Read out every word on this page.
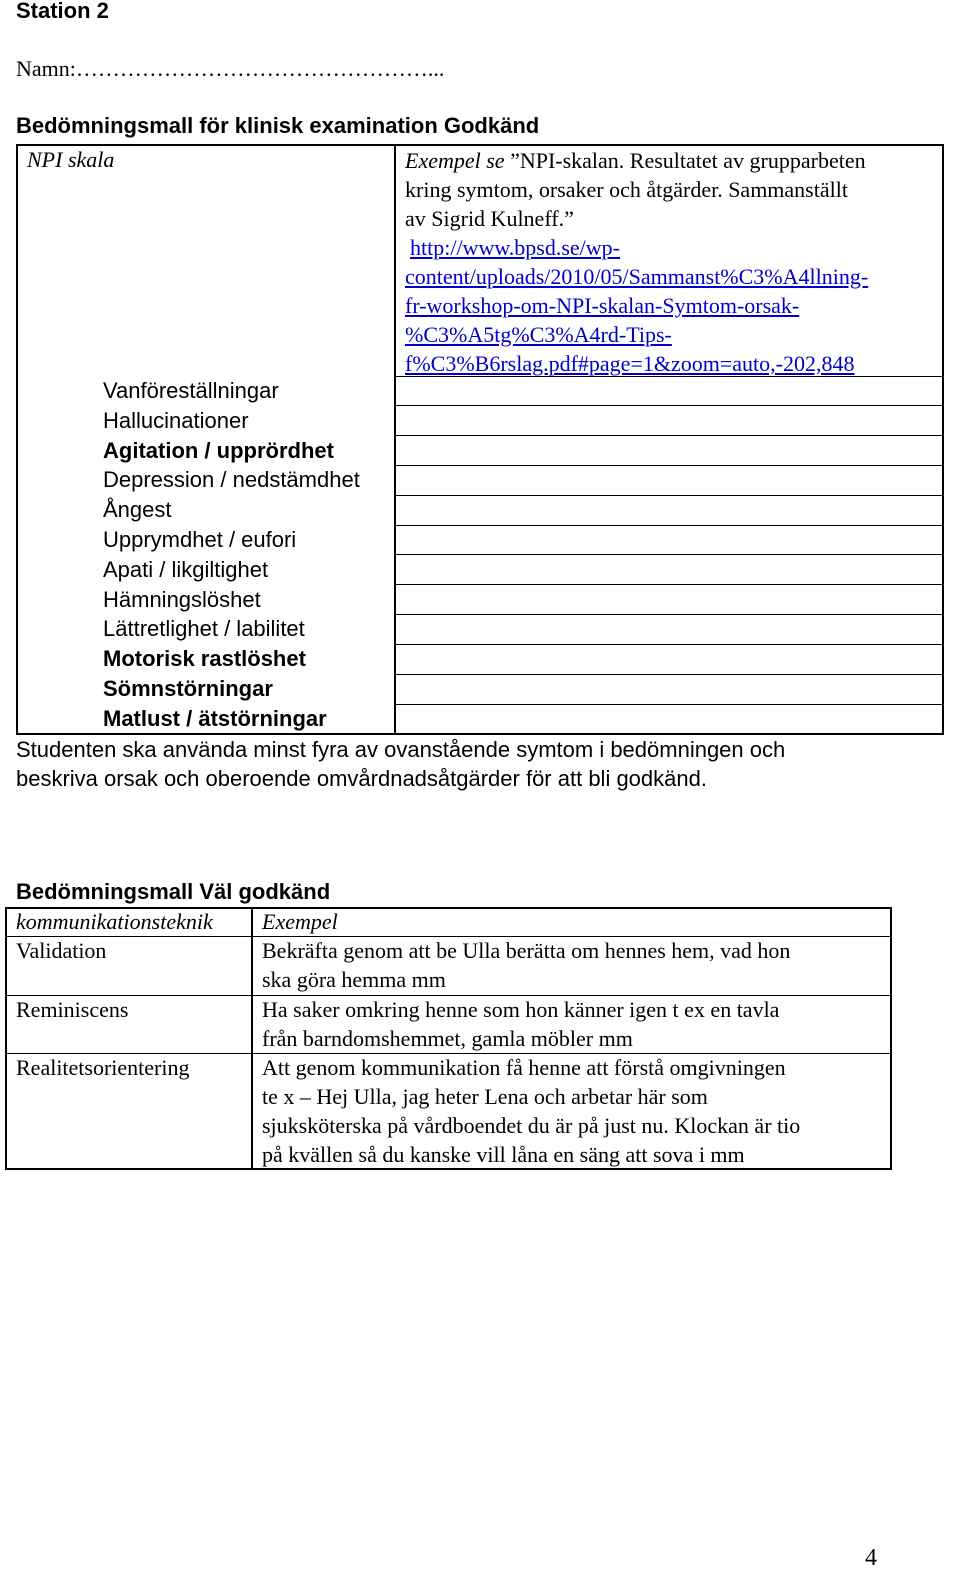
Station 2
Namn:…………………………………………...
Bedömningsmall för klinisk examination Godkänd
NPI skala	Exempel se ”NPI-skalan. Resultatet av grupparbeten
kring symtom, orsaker och åtgärder. Sammanställt
av Sigrid Kulneff.”
http://www.bpsd.se/wp-
content/uploads/2010/05/Sammanst%C3%A4llning-
fr-workshop-om-NPI-skalan-Symtom-orsak-
%C3%A5tg%C3%A4rd-Tips-
f%C3%B6rslag.pdf#page=1&zoom=auto,-202,848
Vanföreställningar
Hallucinationer
Agitation / upprördhet
Depression / nedstämdhet
Ångest
Upprymdhet / eufori
Apati / likgiltighet
Hämningslöshet
Lättretlighet / labilitet
Motorisk rastlöshet
Sömnstörningar
Matlust / ätstörningar
Studenten ska använda minst fyra av ovanstående symtom i bedömningen och
beskriva orsak och oberoende omvårdnadsåtgärder för att bli godkänd.
Bedömningsmall Väl godkänd
kommunikationsteknik Exempel
Validation	Bekräfta genom att be Ulla berätta om hennes hem, vad hon
ska göra hemma mm
Reminiscens	Ha saker omkring henne som hon känner igen t ex en tavla
från barndomshemmet, gamla möbler mm
Realitetsorientering	Att genom kommunikation få henne att förstå omgivningen
te x – Hej Ulla, jag heter Lena och arbetar här som
sjuksköterska på vårdboendet du är på just nu. Klockan är tio
på kvällen så du kanske vill låna en säng att sova i mm
4
